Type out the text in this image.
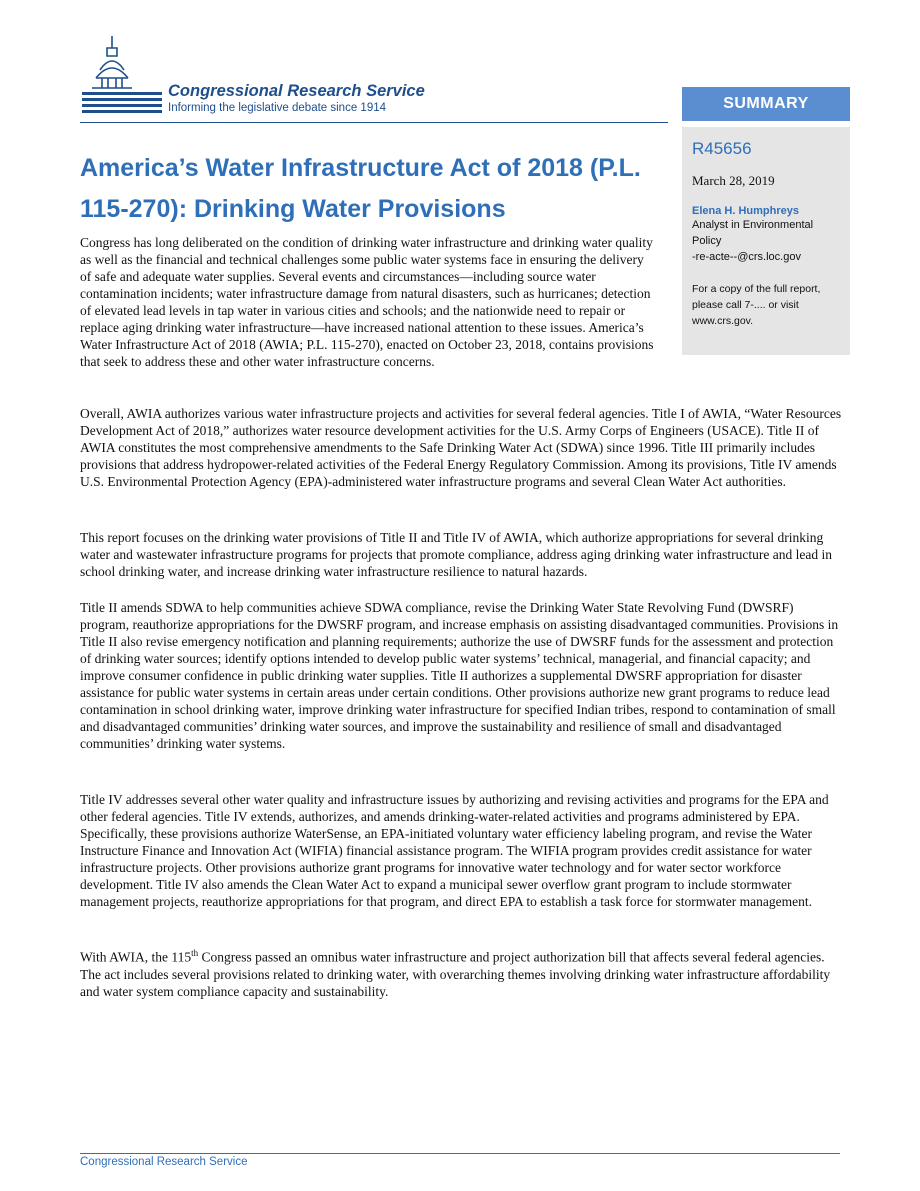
Congressional Research Service
Informing the legislative debate since 1914	SUMMARY
R45656
March 28, 2019
Elena H. Humphreys
Analyst in Environmental
Policy
-re-acte--@crs.loc.gov
For a copy of the full report,
please call 7-.... or visit
www.crs.gov.
America’s Water Infrastructure Act of 2018 (P.L. 115-270): Drinking Water Provisions

Congress has long deliberated on the condition of drinking water infrastructure and drinking water quality as well as the financial and technical challenges some public water systems face in ensuring the delivery of safe and adequate water supplies. Several events and circumstances—including source water contamination incidents; water infrastructure damage from natural disasters, such as hurricanes; detection of elevated lead levels in tap water in various cities and schools; and the nationwide need to repair or replace aging drinking water infrastructure—have increased national attention to these issues. America’s Water Infrastructure Act of 2018 (AWIA; P.L. 115-270), enacted on October 23, 2018, contains provisions that seek to address these and other water infrastructure concerns.

Overall, AWIA authorizes various water infrastructure projects and activities for several federal agencies. Title I of AWIA, “Water Resources Development Act of 2018,” authorizes water resource development activities for the U.S. Army Corps of Engineers (USACE). Title II of AWIA constitutes the most comprehensive amendments to the Safe Drinking Water Act (SDWA) since 1996. Title III primarily includes provisions that address hydropower-related activities of the Federal Energy Regulatory Commission. Among its provisions, Title IV amends U.S. Environmental Protection Agency (EPA)-administered water infrastructure programs and several Clean Water Act authorities.

This report focuses on the drinking water provisions of Title II and Title IV of AWIA, which authorize appropriations for several drinking water and wastewater infrastructure programs for projects that promote compliance, address aging drinking water infrastructure and lead in school drinking water, and increase drinking water infrastructure resilience to natural hazards.

Title II amends SDWA to help communities achieve SDWA compliance, revise the Drinking Water State Revolving Fund (DWSRF) program, reauthorize appropriations for the DWSRF program, and increase emphasis on assisting disadvantaged communities. Provisions in Title II also revise emergency notification and planning requirements; authorize the use of DWSRF funds for the assessment and protection of drinking water sources; identify options intended to develop public water systems’ technical, managerial, and financial capacity; and improve consumer confidence in public drinking water supplies. Title II authorizes a supplemental DWSRF appropriation for disaster assistance for public water systems in certain areas under certain conditions. Other provisions authorize new grant programs to reduce lead contamination in school drinking water, improve drinking water infrastructure for specified Indian tribes, respond to contamination of small and disadvantaged communities’ drinking water sources, and improve the sustainability and resilience of small and disadvantaged communities’ drinking water systems.

Title IV addresses several other water quality and infrastructure issues by authorizing and revising activities and programs for the EPA and other federal agencies. Title IV extends, authorizes, and amends drinking-water-related activities and programs administered by EPA. Specifically, these provisions authorize WaterSense, an EPA-initiated voluntary water efficiency labeling program, and revise the Water Instructure Finance and Innovation Act (WIFIA) financial assistance program. The WIFIA program provides credit assistance for water infrastructure projects. Other provisions authorize grant programs for innovative water technology and for water sector workforce development. Title IV also amends the Clean Water Act to expand a municipal sewer overflow grant program to include stormwater management projects, reauthorize appropriations for that program, and direct EPA to establish a task force for stormwater management.

With AWIA, the 115th Congress passed an omnibus water infrastructure and project authorization bill that affects several federal agencies. The act includes several provisions related to drinking water, with overarching themes involving drinking water infrastructure affordability and water system compliance capacity and sustainability.

Congressional Research Service
